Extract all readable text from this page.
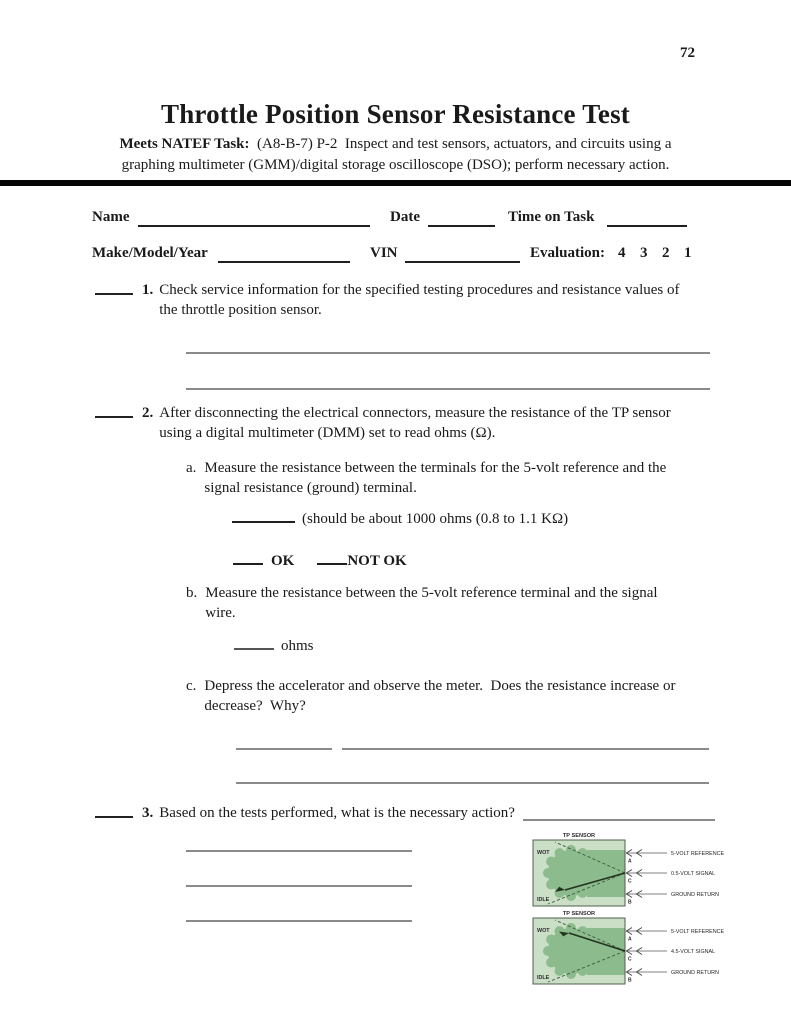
72
Throttle Position Sensor Resistance Test
Meets NATEF Task:  (A8-B-7) P-2  Inspect and test sensors, actuators, and circuits using a
graphing multimeter (GMM)/digital storage oscilloscope (DSO); perform necessary action.
Name	Date	Time on Task
Make/Model/Year	VIN	Evaluation: 4 3 2 1
1. Check service information for the specified testing procedures and resistance values of
the throttle position sensor.
2. After disconnecting the electrical connectors, measure the resistance of the TP sensor
using a digital multimeter (DMM) set to read ohms (Ω).
a. Measure the resistance between the terminals for the 5-volt reference and the
signal resistance (ground) terminal.
(should be about 1000 ohms (0.8 to 1.1 KΩ)
OK	NOT OK
b. Measure the resistance between the 5-volt reference terminal and the signal
wire.
ohms
c. Depress the accelerator and observe the meter.  Does the resistance increase or
decrease?  Why?
3. Based on the tests performed, what is the necessary action?
TP SENSOR
WOT
IDLE
A
5-VOLT REFERENCE
C
0.5-VOLT SIGNAL
B
GROUND RETURN
TP SENSOR
WOT
IDLE
A
5-VOLT REFERENCE
C
4.5-VOLT SIGNAL
B
GROUND RETURN
